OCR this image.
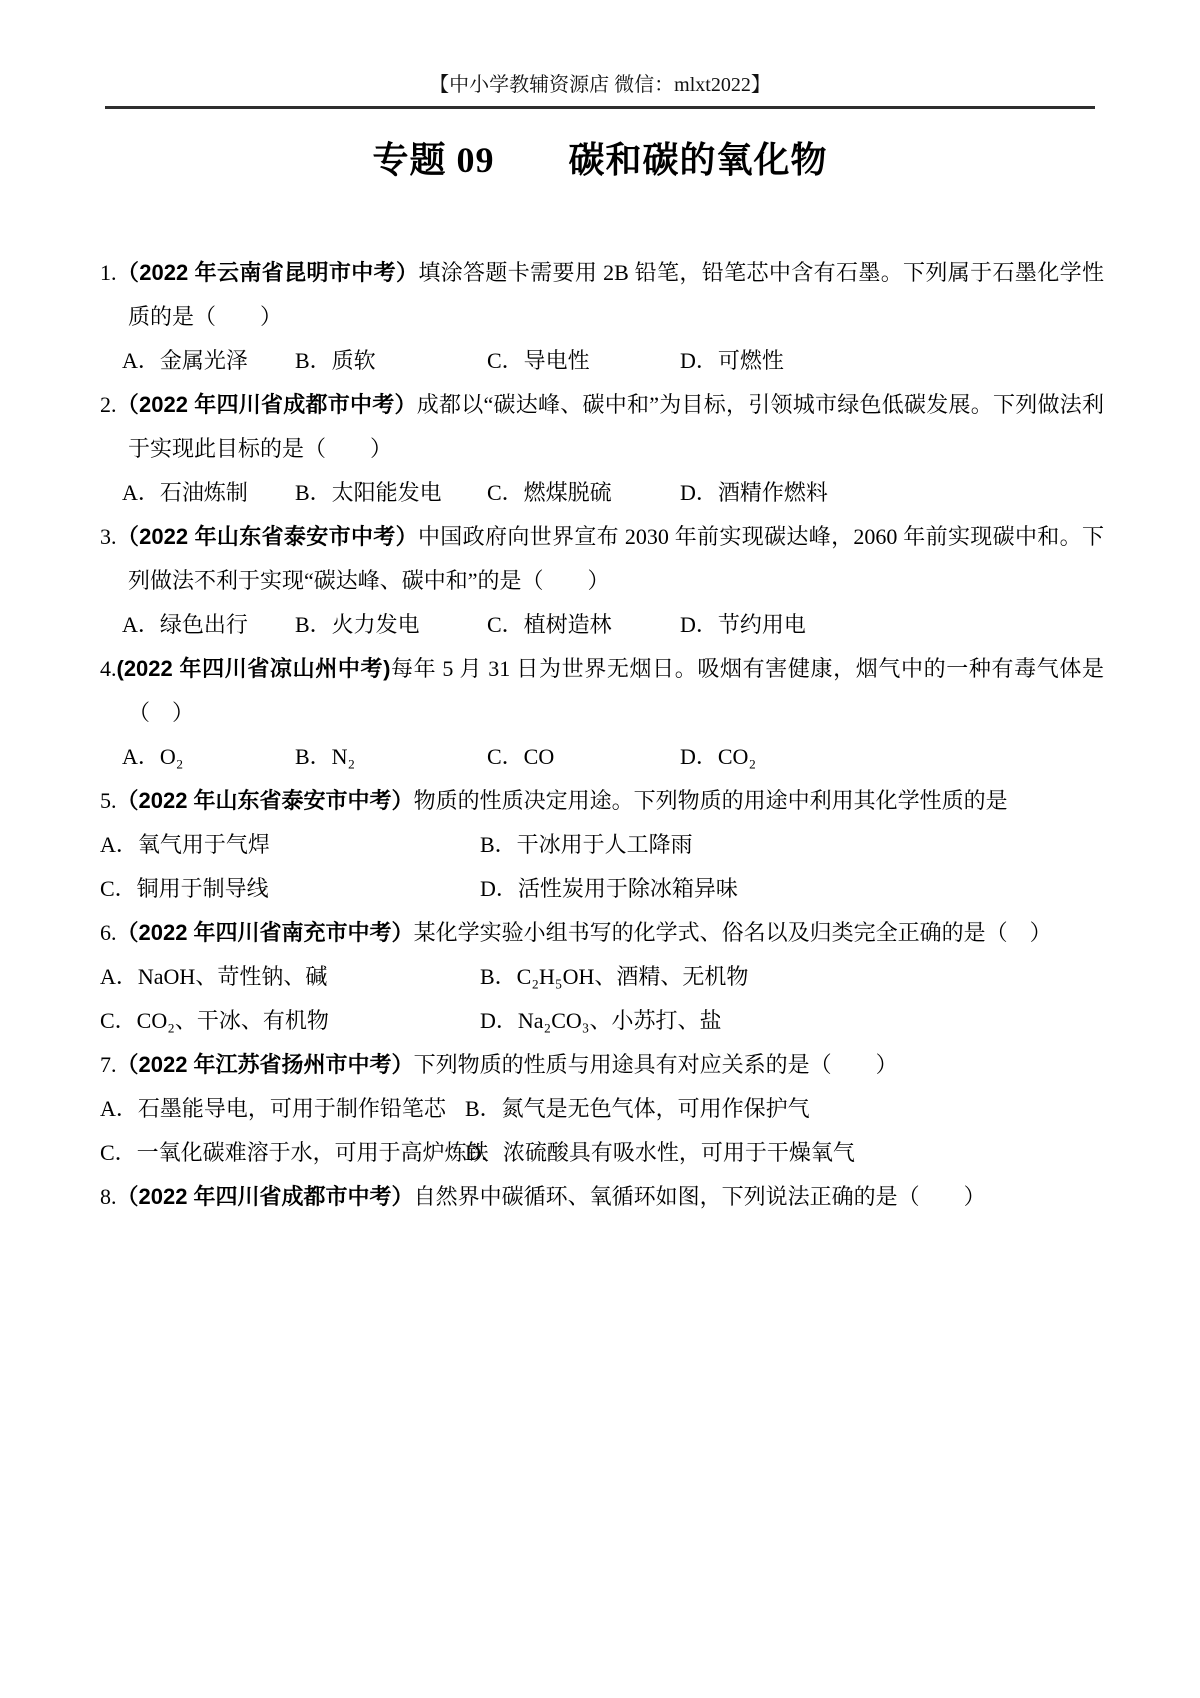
【中小学教辅资源店 微信：mlxt2022】
专题 09　　碳和碳的氧化物

1.（2022 年云南省昆明市中考）填涂答题卡需要用 2B 铅笔，铅笔芯中含有石墨。下列属于石墨化学性质的是（　　）

A．金属光泽	B．质软	C．导电性	D．可燃性

2.（2022 年四川省成都市中考）成都以“碳达峰、碳中和”为目标，引领城市绿色低碳发展。下列做法利于实现此目标的是（　　）

A．石油炼制	B．太阳能发电	C．燃煤脱硫	D．酒精作燃料

3.（2022 年山东省泰安市中考）中国政府向世界宣布 2030 年前实现碳达峰，2060 年前实现碳中和。下列做法不利于实现“碳达峰、碳中和”的是（　　）

A．绿色出行	B．火力发电	C．植树造林	D．节约用电

4.(2022 年四川省凉山州中考)每年 5 月 31 日为世界无烟日。吸烟有害健康，烟气中的一种有毒气体是（　）

A．O₂	B．N₂	C．CO	D．CO₂

5.（2022 年山东省泰安市中考）物质的性质决定用途。下列物质的用途中利用其化学性质的是

A．氧气用于气焊	B．干冰用于人工降雨
C．铜用于制导线	D．活性炭用于除冰箱异味

6.（2022 年四川省南充市中考）某化学实验小组书写的化学式、俗名以及归类完全正确的是（　）

A．NaOH、苛性钠、碱	B．C₂H₅OH、酒精、无机物
C．CO₂、干冰、有机物	D．Na₂CO₃、小苏打、盐

7.（2022 年江苏省扬州市中考）下列物质的性质与用途具有对应关系的是（　　）

A．石墨能导电，可用于制作铅笔芯 B．氮气是无色气体，可用作保护气
C．一氧化碳难溶于水，可用于高炉炼铁
D．浓硫酸具有吸水性，可用于干燥氧气

8.（2022 年四川省成都市中考）自然界中碳循环、氧循环如图，下列说法正确的是（　　）
